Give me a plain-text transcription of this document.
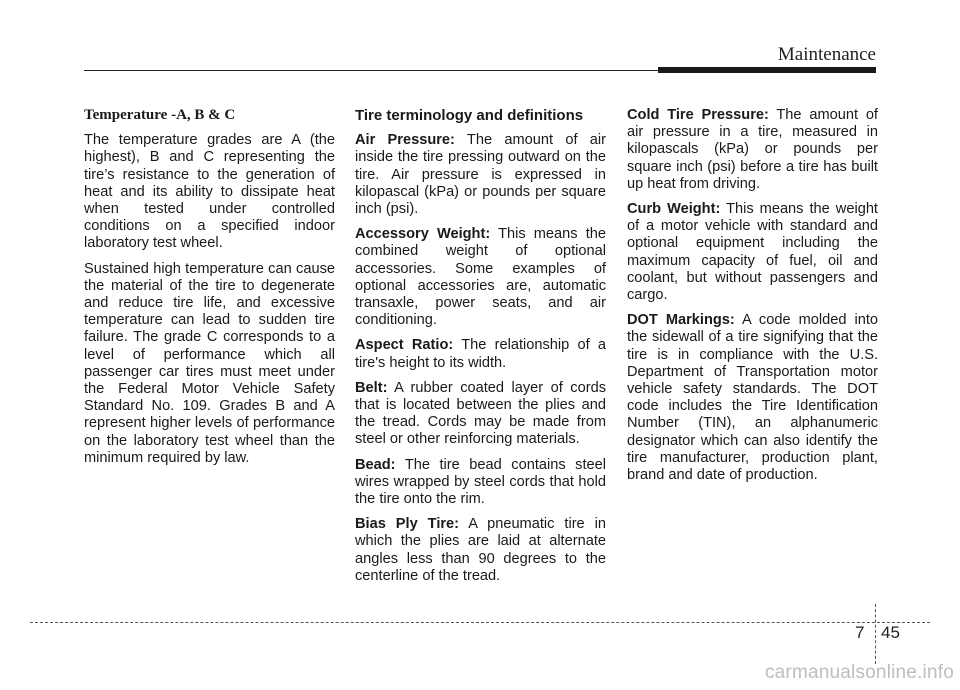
Maintenance
Temperature -A, B & C

The temperature grades are A (the highest), B and C representing the tire’s resistance to the generation of heat and its ability to dissipate heat when tested under controlled conditions on a specified indoor laboratory test wheel.

Sustained high temperature can cause the material of the tire to degenerate and reduce tire life, and excessive temperature can lead to sudden tire failure. The grade C corresponds to a level of performance which all passenger car tires must meet under the Federal Motor Vehicle Safety Standard No. 109. Grades B and A represent higher levels of performance on the laboratory test wheel than the minimum required by law.

Tire terminology and definitions

Air Pressure: The amount of air inside the tire pressing outward on the tire. Air pressure is expressed in kilopascal (kPa) or pounds per square inch (psi).

Accessory Weight: This means the combined weight of optional accessories. Some examples of optional accessories are, automatic transaxle, power seats, and air conditioning.

Aspect Ratio: The relationship of a tire's height to its width.

Belt: A rubber coated layer of cords that is located between the plies and the tread. Cords may be made from steel or other reinforcing materials.

Bead: The tire bead contains steel wires wrapped by steel cords that hold the tire onto the rim.

Bias Ply Tire: A pneumatic tire in which the plies are laid at alternate angles less than 90 degrees to the centerline of the tread.

Cold Tire Pressure: The amount of air pressure in a tire, measured in kilopascals (kPa) or pounds per square inch (psi) before a tire has built up heat from driving.

Curb Weight: This means the weight of a motor vehicle with standard and optional equipment including the maximum capacity of fuel, oil and coolant, but without passengers and cargo.

DOT Markings: A code molded into the sidewall of a tire signifying that the tire is in compliance with the U.S. Department of Transportation motor vehicle safety standards. The DOT code includes the Tire Identification Number (TIN), an alphanumeric designator which can also identify the tire manufacturer, production plant, brand and date of production.

7 45
carmanualsonline.info
